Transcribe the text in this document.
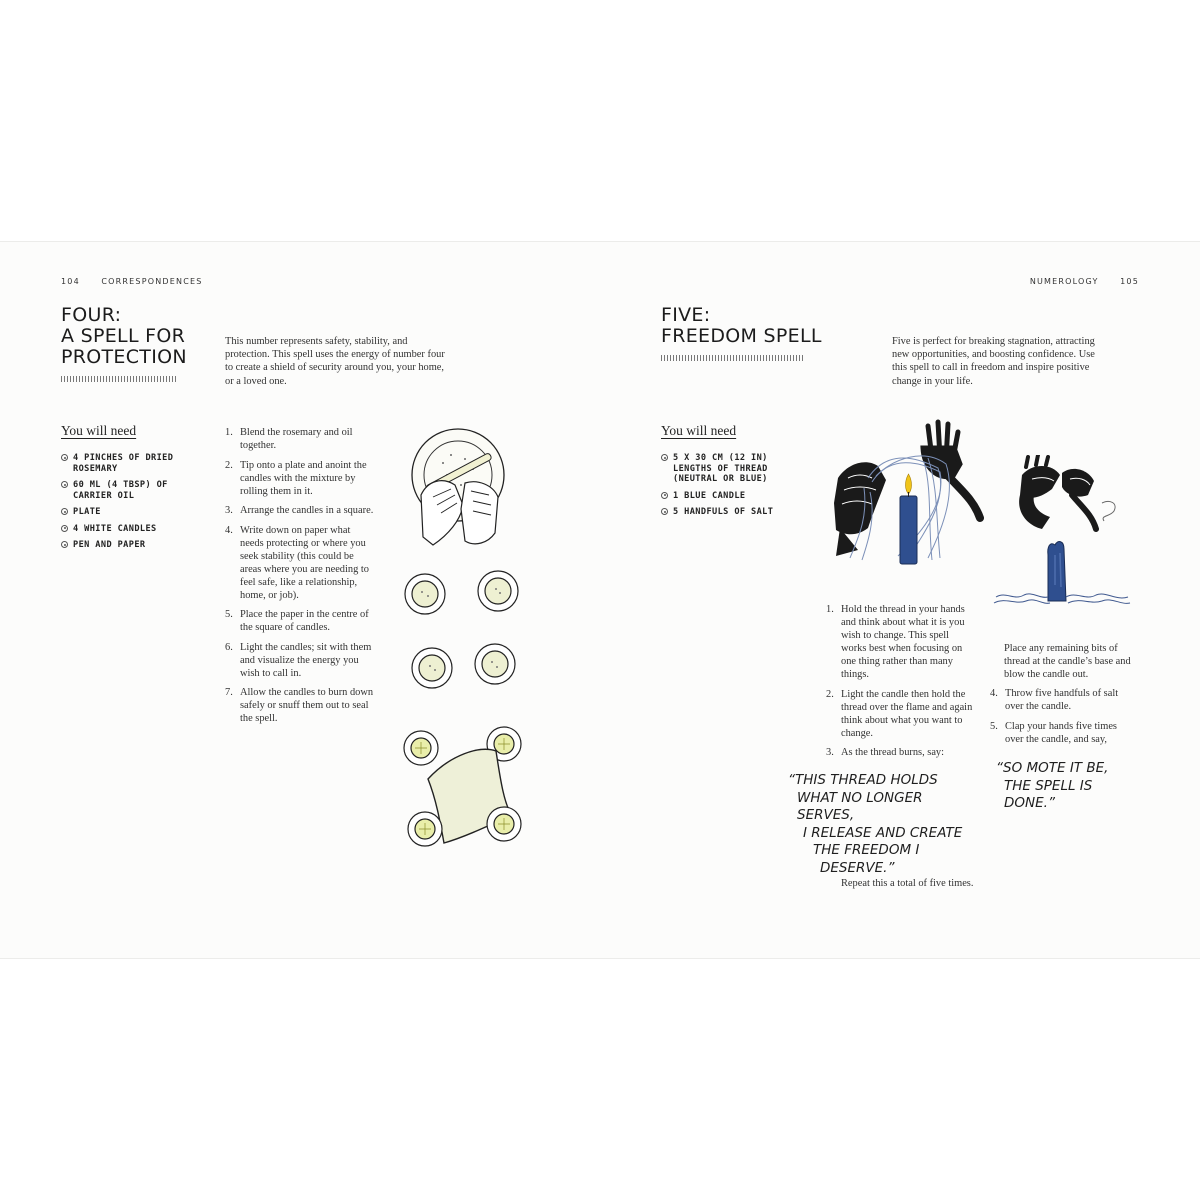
104	CORRESPONDENCES
FOUR:
A SPELL FOR
PROTECTION

This number represents safety, stability, and protection. This spell uses the energy of number four to create a shield of security around you, your home, or a loved one.

You will need

4 PINCHES OF DRIED ROSEMARY
60 ML (4 TBSP) OF CARRIER OIL
PLATE
4 WHITE CANDLES
PEN AND PAPER
1. Blend the rosemary and oil together.
2. Tip onto a plate and anoint the candles with the mixture by rolling them in it.
3. Arrange the candles in a square.
4. Write down on paper what needs protecting or where you seek stability (this could be areas where you are needing to feel safe, like a relationship, home, or job).
5. Place the paper in the centre of the square of candles.
6. Light the candles; sit with them and visualize the energy you wish to call in.
7. Allow the candles to burn down safely or snuff them out to seal the spell.
NUMEROLOGY	105
FIVE:
FREEDOM SPELL	Five is perfect for breaking stagnation, attracting new opportunities, and boosting confidence. Use this spell to call in freedom and inspire positive change in your life.

You will need

5 X 30 CM (12 IN) LENGTHS OF THREAD (NEUTRAL OR BLUE)
1 BLUE CANDLE
5 HANDFULS OF SALT
1. Hold the thread in your hands and think about what it is you wish to change. This spell works best when focusing on one thing rather than many things.
2. Light the candle then hold the thread over the flame and again think about what you want to change.
3. As the thread burns, say:
“THIS THREAD HOLDS
WHAT NO LONGER SERVES,
I RELEASE AND CREATE
THE FREEDOM I
DESERVE.”

Repeat this a total of five times.

Place any remaining bits of thread at the candle’s base and blow the candle out.

4. Throw five handfuls of salt over the candle.
5. Clap your hands five times over the candle, and say,
“SO MOTE IT BE,
THE SPELL IS DONE.”
